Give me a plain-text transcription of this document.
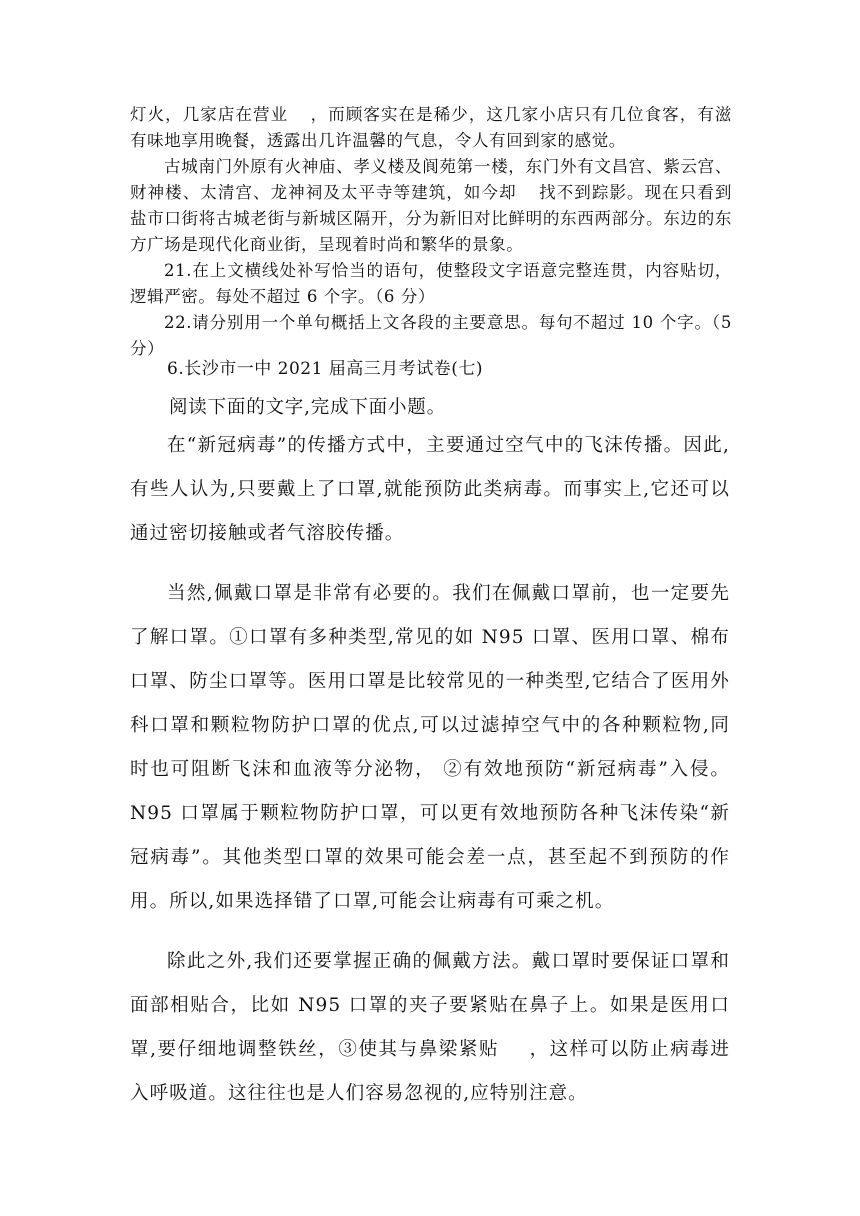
灯火，几家店在营业 ，而顾客实在是稀少，这几家小店只有几位食客，有滋有味地享用晚餐，透露出几许温馨的气息，令人有回到家的感觉。

古城南门外原有火神庙、孝义楼及阆苑第一楼，东门外有文昌宫、紫云宫、财神楼、太清宫、龙神祠及太平寺等建筑，如今却 找不到踪影。现在只看到盐市口街将古城老街与新城区隔开，分为新旧对比鲜明的东西两部分。东边的东方广场是现代化商业街，呈现着时尚和繁华的景象。

21.在上文横线处补写恰当的语句，使整段文字语意完整连贯，内容贴切，逻辑严密。每处不超过 6 个字。（6 分）

22.请分别用一个单句概括上文各段的主要意思。每句不超过 10 个字。（5 分）

6.长沙市一中 2021 届高三月考试卷(七)
阅读下面的文字,完成下面小题。

在“新冠病毒”的传播方式中，主要通过空气中的飞沫传播。因此,有些人认为,只要戴上了口罩,就能预防此类病毒。而事实上,它还可以通过密切接触或者气溶胶传播。

当然,佩戴口罩是非常有必要的。我们在佩戴口罩前，也一定要先了解口罩。①口罩有多种类型,常见的如 N95 口罩、医用口罩、棉布口罩、防尘口罩等。医用口罩是比较常见的一种类型,它结合了医用外科口罩和颗粒物防护口罩的优点,可以过滤掉空气中的各种颗粒物,同时也可阻断飞沫和血液等分泌物， ②有效地预防“新冠病毒”入侵。N95 口罩属于颗粒物防护口罩，可以更有效地预防各种飞沫传染“新冠病毒”。其他类型口罩的效果可能会差一点，甚至起不到预防的作用。所以,如果选择错了口罩,可能会让病毒有可乘之机。

除此之外,我们还要掌握正确的佩戴方法。戴口罩时要保证口罩和面部相贴合，比如 N95 口罩的夹子要紧贴在鼻子上。如果是医用口罩,要仔细地调整铁丝，③使其与鼻梁紧贴 ，这样可以防止病毒进入呼吸道。这往往也是人们容易忽视的,应特别注意。
